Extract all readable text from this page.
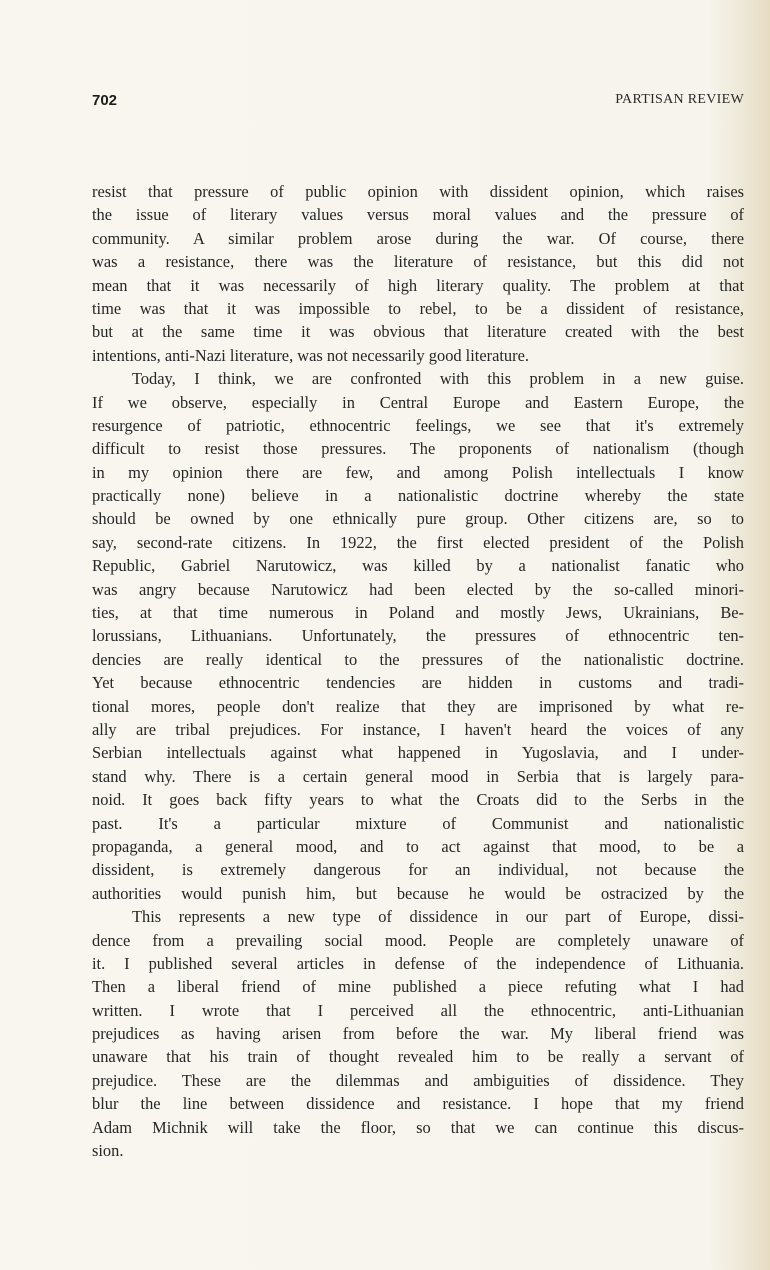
702	PARTISAN REVIEW
resist that pressure of public opinion with dissident opinion, which raises
the issue of literary values versus moral values and the pressure of
community. A similar problem arose during the war. Of course, there
was a resistance, there was the literature of resistance, but this did not
mean that it was necessarily of high literary quality. The problem at that
time was that it was impossible to rebel, to be a dissident of resistance,
but at the same time it was obvious that literature created with the best
intentions, anti-Nazi literature, was not necessarily good literature.
Today, I think, we are confronted with this problem in a new guise.
If we observe, especially in Central Europe and Eastern Europe, the
resurgence of patriotic, ethnocentric feelings, we see that it's extremely
difficult to resist those pressures. The proponents of nationalism (though
in my opinion there are few, and among Polish intellectuals I know
practically none) believe in a nationalistic doctrine whereby the state
should be owned by one ethnically pure group. Other citizens are, so to
say, second-rate citizens. In 1922, the first elected president of the Polish
Republic, Gabriel Narutowicz, was killed by a nationalist fanatic who
was angry because Narutowicz had been elected by the so-called minori-
ties, at that time numerous in Poland and mostly Jews, Ukrainians, Be-
lorussians, Lithuanians. Unfortunately, the pressures of ethnocentric ten-
dencies are really identical to the pressures of the nationalistic doctrine.
Yet because ethnocentric tendencies are hidden in customs and tradi-
tional mores, people don't realize that they are imprisoned by what re-
ally are tribal prejudices. For instance, I haven't heard the voices of any
Serbian intellectuals against what happened in Yugoslavia, and I under-
stand why. There is a certain general mood in Serbia that is largely para-
noid. It goes back fifty years to what the Croats did to the Serbs in the
past. It's a particular mixture of Communist and nationalistic
propaganda, a general mood, and to act against that mood, to be a
dissident, is extremely dangerous for an individual, not because the
authorities would punish him, but because he would be ostracized by the
This represents a new type of dissidence in our part of Europe, dissi-
dence from a prevailing social mood. People are completely unaware of
it. I published several articles in defense of the independence of Lithuania.
Then a liberal friend of mine published a piece refuting what I had
written. I wrote that I perceived all the ethnocentric, anti-Lithuanian
prejudices as having arisen from before the war. My liberal friend was
unaware that his train of thought revealed him to be really a servant of
prejudice. These are the dilemmas and ambiguities of dissidence. They
blur the line between dissidence and resistance. I hope that my friend
Adam Michnik will take the floor, so that we can continue this discus-
sion.
